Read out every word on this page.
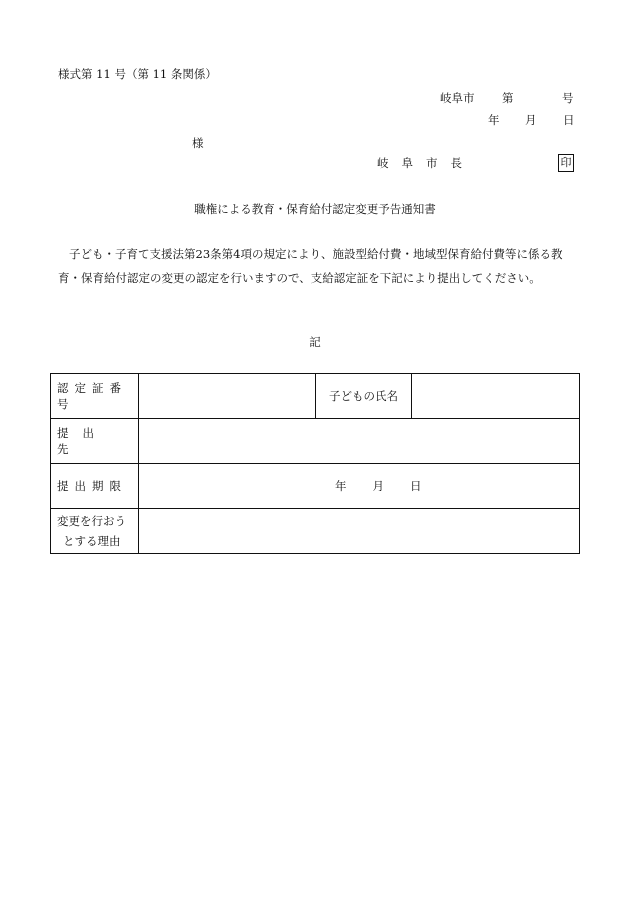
様式第 11 号（第 11 条関係）
岐阜市 第	号
年 月 日
様
岐阜市長	印
職権による教育・保育給付認定変更予告通知書
子ども・子育て支援法第23条第4項の規定により、施設型給付費・地域型保育給付費等に係る教育・保育給付認定の変更の認定を行いますので、支給認定証を下記により提出してください。
記
認定証番号		子どもの氏名	
提出先			
提出期限	年 月 日		

変更を行おう
とする理由			
